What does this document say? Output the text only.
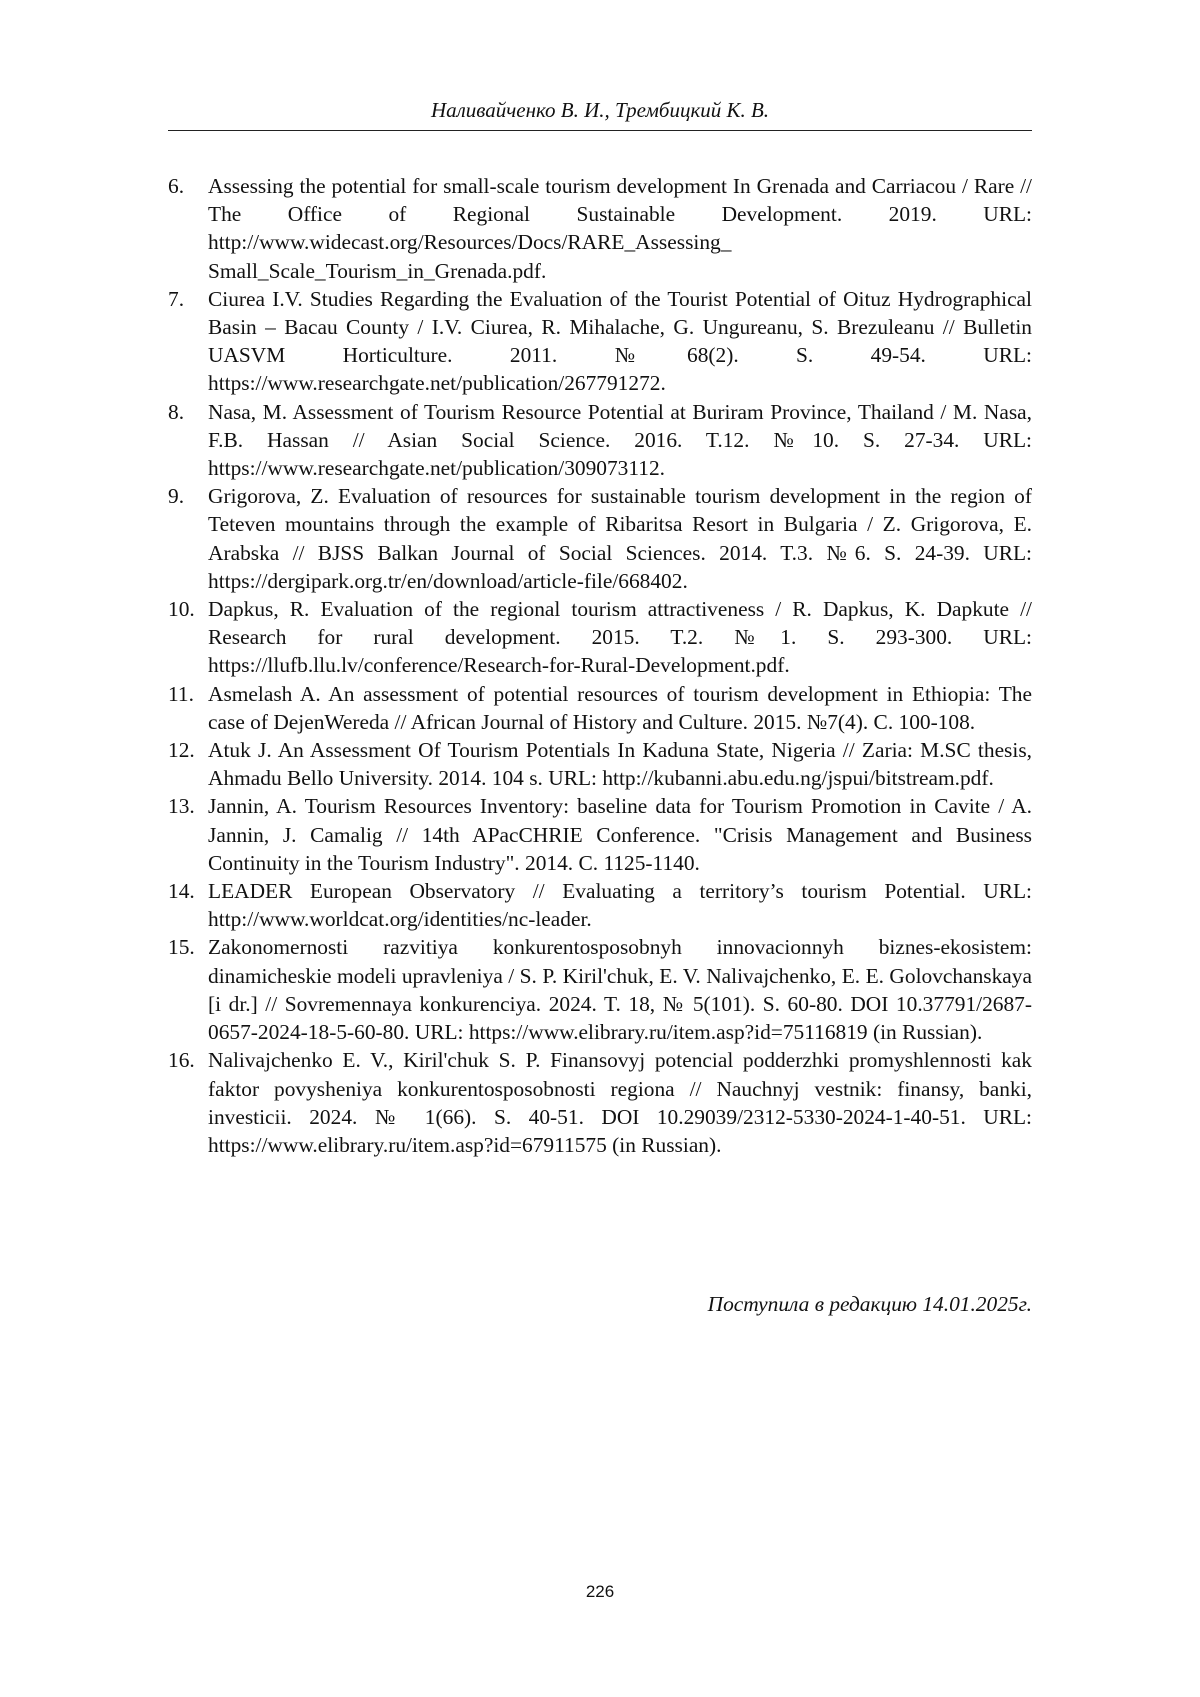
Наливайченко В. И., Трембицкий К. В.
6.	Assessing the potential for small-scale tourism development In Grenada and Carriacou / Rare // The Office of Regional Sustainable Development. 2019. URL: http://www.widecast.org/Resources/Docs/RARE_Assessing_ Small_Scale_Tourism_in_Grenada.pdf.
7.	Ciurea I.V. Studies Regarding the Evaluation of the Tourist Potential of Oituz Hydrographical Basin – Bacau County / I.V. Ciurea, R. Mihalache, G. Ungureanu, S. Brezuleanu // Bulletin UASVM Horticulture. 2011. №68(2). S. 49-54. URL: https://www.researchgate.net/publication/267791272.
8.	Nasa, M. Assessment of Tourism Resource Potential at Buriram Province, Thailand / M. Nasa, F.B. Hassan // Asian Social Science. 2016. T.12. №10. S. 27-34. URL: https://www.researchgate.net/publication/309073112.
9.	Grigorova, Z. Evaluation of resources for sustainable tourism development in the region of Teteven mountains through the example of Ribaritsa Resort in Bulgaria / Z. Grigorova, E. Arabska // BJSS Balkan Journal of Social Sciences. 2014. T.3. №6. S. 24-39. URL: https://dergipark.org.tr/en/download/article-file/668402.
10. Dapkus, R. Evaluation of the regional tourism attractiveness / R. Dapkus, K. Dapkute // Research for rural development. 2015. T.2. №1. S. 293-300. URL: https://llufb.llu.lv/conference/Research-for-Rural-Development.pdf.
11. Asmelash A. An assessment of potential resources of tourism development in Ethiopia: The case of DejenWereda // African Journal of History and Culture. 2015. №7(4). C. 100-108.
12. Atuk J. An Assessment Of Tourism Potentials In Kaduna State, Nigeria // Zaria: M.SC thesis, Ahmadu Bello University. 2014. 104 s. URL: http://kubanni.abu.edu.ng/jspui/bitstream.pdf.
13. Jannin, A. Tourism Resources Inventory: baseline data for Tourism Promotion in Cavite / A. Jannin, J. Camalig // 14th APacCHRIE Conference. "Crisis Management and Business Continuity in the Tourism Industry". 2014. C. 1125-1140.
14. LEADER European Observatory // Evaluating a territory’s tourism Potential. URL: http://www.worldcat.org/identities/nc-leader.
15. Zakonomernosti razvitiya konkurentosposobnyh innovacionnyh biznes-ekosistem: dinamicheskie modeli upravleniya / S. P. Kiril'chuk, E. V. Nalivajchenko, E. E. Golovchanskaya [i dr.] // Sovremennaya konkurenciya. 2024. T. 18, № 5(101). S. 60-80. DOI 10.37791/2687-0657-2024-18-5-60-80. URL: https://www.elibrary.ru/item.asp?id=75116819 (in Russian).
16. Nalivajchenko E. V., Kiril'chuk S. P. Finansovyj potencial podderzhki promyshlennosti kak faktor povysheniya konkurentosposobnosti regiona // Nauchnyj vestnik: finansy, banki, investicii. 2024. № 1(66). S. 40-51. DOI 10.29039/2312-5330-2024-1-40-51. URL: https://www.elibrary.ru/item.asp?id=67911575 (in Russian).
Поступила в редакцию 14.01.2025г.
226
